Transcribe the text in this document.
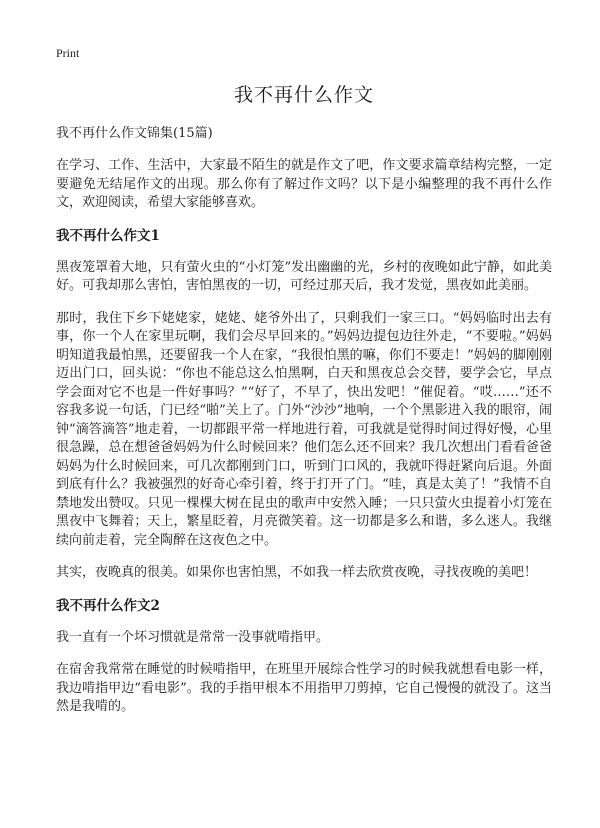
Print
我不再什么作文
我不再什么作文锦集(15篇)

在学习、工作、生活中，大家最不陌生的就是作文了吧，作文要求篇章结构完整，一定要避免无结尾作文的出现。那么你有了解过作文吗？以下是小编整理的我不再什么作文，欢迎阅读，希望大家能够喜欢。

我不再什么作文1

黑夜笼罩着大地，只有萤火虫的“小灯笼”发出幽幽的光，乡村的夜晚如此宁静，如此美好。可我却那么害怕，害怕黑夜的一切，可经过那天后，我才发觉，黑夜如此美丽。

那时，我住下乡下姥姥家，姥姥、姥爷外出了，只剩我们一家三口。“妈妈临时出去有事，你一个人在家里玩啊，我们会尽早回来的。”妈妈边提包边往外走，“不要啦。”妈妈明知道我最怕黑，还要留我一个人在家，“我很怕黑的嘛，你们不要走！”妈妈的脚刚刚迈出门口，回头说：“你也不能总这么怕黑啊，白天和黑夜总会交替，要学会它，早点学会面对它不也是一件好事吗？”“好了，不早了，快出发吧！”催促着。“哎……”还不容我多说一句话，门已经“啪”关上了。门外“沙沙”地响，一个个黑影进入我的眼帘，闹钟“滴答滴答”地走着，一切都跟平常一样地进行着，可我就是觉得时间过得好慢，心里很急躁，总在想爸爸妈妈为什么时候回来？他们怎么还不回来？我几次想出门看看爸爸妈妈为什么时候回来，可几次都刚到门口，听到门口风的，我就吓得赶紧向后退。外面到底有什么？我被强烈的好奇心牵引着，终于打开了门。“哇，真是太美了！”我情不自禁地发出赞叹。只见一棵棵大树在昆虫的歌声中安然入睡；一只只萤火虫提着小灯笼在黑夜中飞舞着；天上，繁星眨着，月亮微笑着。这一切都是多么和谐，多么迷人。我继续向前走着，完全陶醉在这夜色之中。

其实，夜晚真的很美。如果你也害怕黑，不如我一样去欣赏夜晚，寻找夜晚的美吧！

我不再什么作文2

我一直有一个坏习惯就是常常一没事就啃指甲。

在宿舍我常常在睡觉的时候啃指甲，在班里开展综合性学习的时候我就想看电影一样，我边啃指甲边“看电影”。我的手指甲根本不用指甲刀剪掉，它自己慢慢的就没了。这当然是我啃的。
